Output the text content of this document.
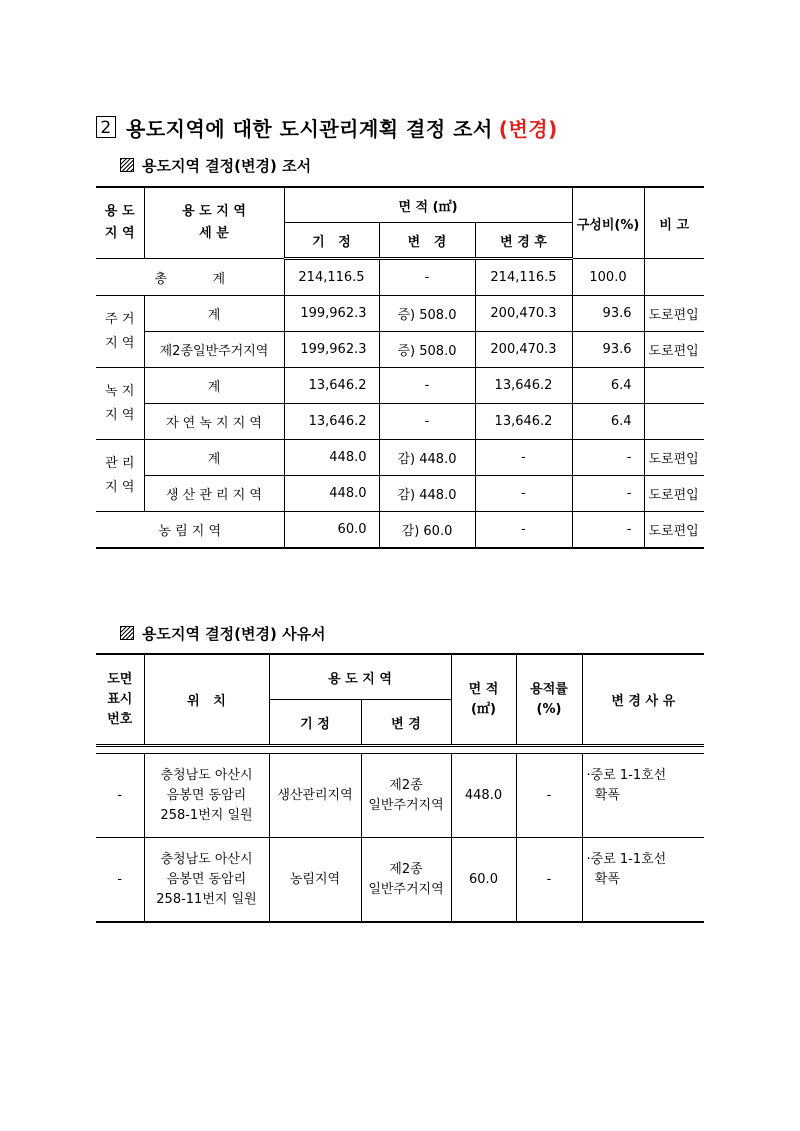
2 용도지역에 대한 도시관리계획 결정 조서 (변경)
용도지역 결정(변경) 조서
용 도
지 역	용 도 지 역
세 분	면 적 (㎡)			구성비(%)	비 고
		기   정	변   경	변 경 후		
총           계		214,116.5	-	214,116.5	100.0	

주 거
지 역	계	199,962.3	증) 508.0	200,470.3	93.6	도로편입
	제2종일반주거지역	199,962.3	증) 508.0	200,470.3	93.6	도로편입

녹 지
지 역	계	13,646.2	-	13,646.2	6.4	
	자 연 녹 지 지 역	13,646.2	-	13,646.2	6.4	

관 리
지 역	계	448.0	감) 448.0	-	-	도로편입
	생 산 관 리 지 역	448.0	감) 448.0	-	-	도로편입
농 림 지 역		60.0	감) 60.0	-	-	도로편입
용도지역 결정(변경) 사유서
도면
표시
번호	위   치	용 도 지 역		면 적
(㎡)	용적률
(%)	변 경 사 유
		기 정	변 경			

-	충청남도 아산시
음봉면 동암리
258-1번지 일원	생산관리지역	제2종
일반주거지역	448.0	-	·중로 1-1호선
확폭
-	충청남도 아산시
음봉면 동암리
258-11번지 일원	농림지역	제2종
일반주거지역	60.0	-	·중로 1-1호선
확폭
